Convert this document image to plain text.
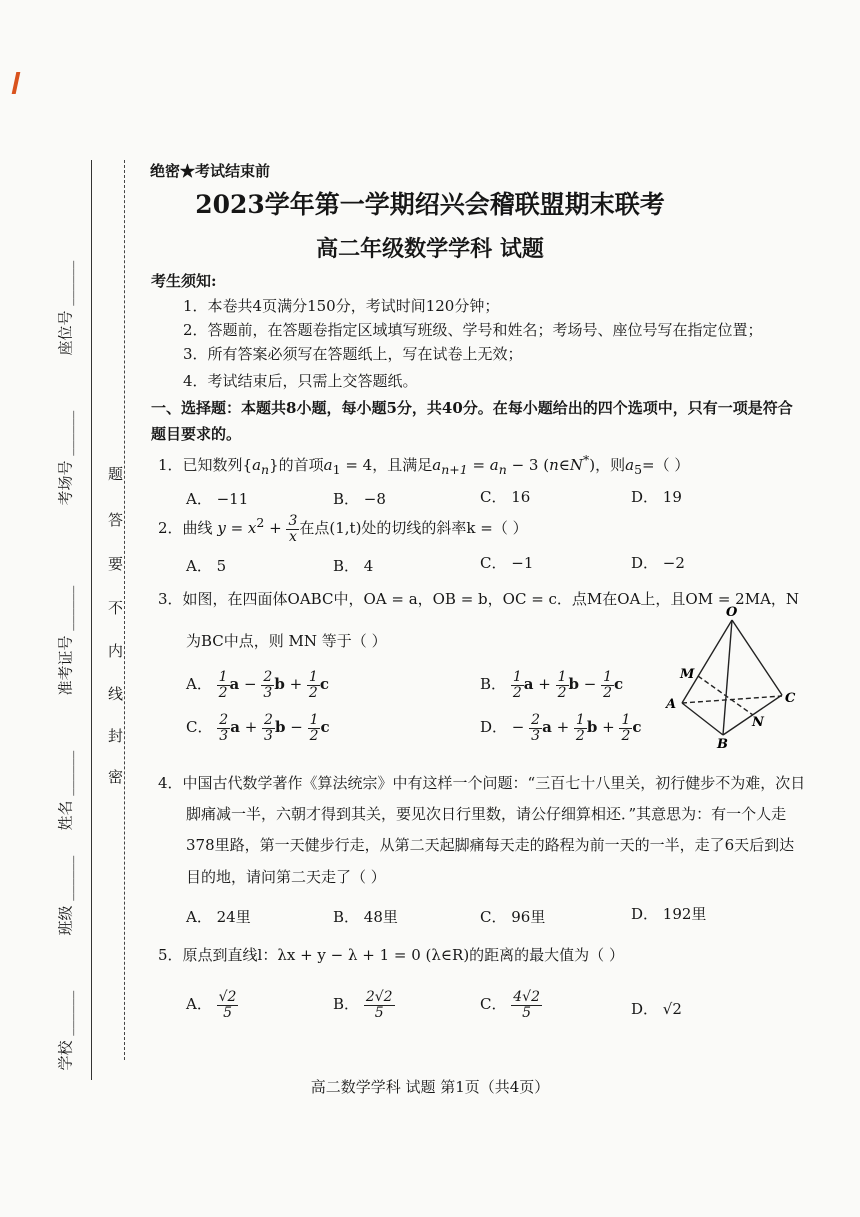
座位号 ______
考场号 ______
准考证号 ______
姓名 ______
班级 ______
学校 ______
题
答
要
不
内
线
封
密
绝密★考试结束前
2023学年第一学期绍兴会稽联盟期末联考
高二年级数学学科 试题
考生须知:
1．本卷共4页满分150分，考试时间120分钟；
2．答题前，在答题卷指定区域填写班级、学号和姓名；考场号、座位号写在指定位置；
3．所有答案必须写在答题纸上，写在试卷上无效；
4．考试结束后，只需上交答题纸。
一、选择题：本题共8小题，每小题5分，共40分。在每小题给出的四个选项中，只有一项是符合
题目要求的。
1．已知数列$\{a_n\}$的首项$a_1 = 4$，且满足$a_{n+1} = a_n - 3$ (n∈N*)，则$a_5=$（ ）
A． −11	B． −8	C． 16	D． 19
2．曲线 $y = x^2 + \frac{3}{x}$ 在点(1,t)处的切线的斜率k =（ ）
A． 5	B． 4	C． −1	D． −2
3．如图，在四面体OABC中，OA = a，OB = b，OC = c．点M在OA上，且OM = 2MA，N
为BC中点，则 MN 等于（ ）
A． $\frac{1}{2}$ $a - \frac{2}{3}$ $b + \frac{1}{2}$ c	B． $\frac{1}{2}$ $a + \frac{1}{2}$ $b - \frac{1}{2}$ c
C． $\frac{2}{3}$ $a + \frac{2}{3}$ $b - \frac{1}{2}$ c	D． − $\frac{2}{3}$ $a + \frac{1}{2}$ $b + \frac{1}{2}$ c
O
M
A	C
N
B
4．中国古代数学著作《算法统宗》中有这样一个问题：“三百七十八里关，初行健步不为难，次日
脚痛减一半，六朝才得到其关，要见次日行里数，请公仔细算相还．”其意思为：有一个人走
378里路，第一天健步行走，从第二天起脚痛每天走的路程为前一天的一半，走了6天后到达
目的地，请问第二天走了（ ）
A． 24里	B． 48里	C． 96里	D． 192里
5．原点到直线l：λx + y − λ + 1 = 0 (λ∈R)的距离的最大值为（ ）
A． $\frac{√2}{5}$	B． $\frac{2√2}{5}$	C． $\frac{4√2}{5}$	D． √2
高二数学学科 试题 第1页（共4页）
